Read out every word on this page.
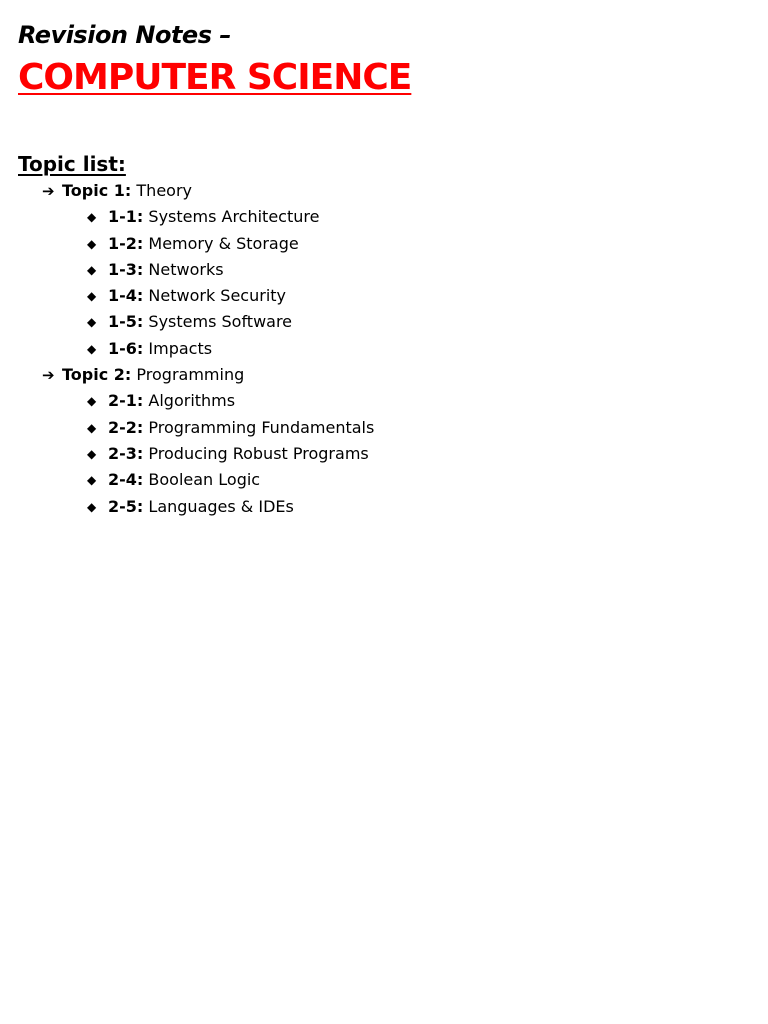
Revision Notes –
COMPUTER SCIENCE
Topic list:
➔ Topic 1: Theory
◆ 1-1: Systems Architecture
◆ 1-2: Memory & Storage
◆ 1-3: Networks
◆ 1-4: Network Security
◆ 1-5: Systems Software
◆ 1-6: Impacts
➔ Topic 2: Programming
◆ 2-1: Algorithms
◆ 2-2: Programming Fundamentals
◆ 2-3: Producing Robust Programs
◆ 2-4: Boolean Logic
◆ 2-5: Languages & IDEs
